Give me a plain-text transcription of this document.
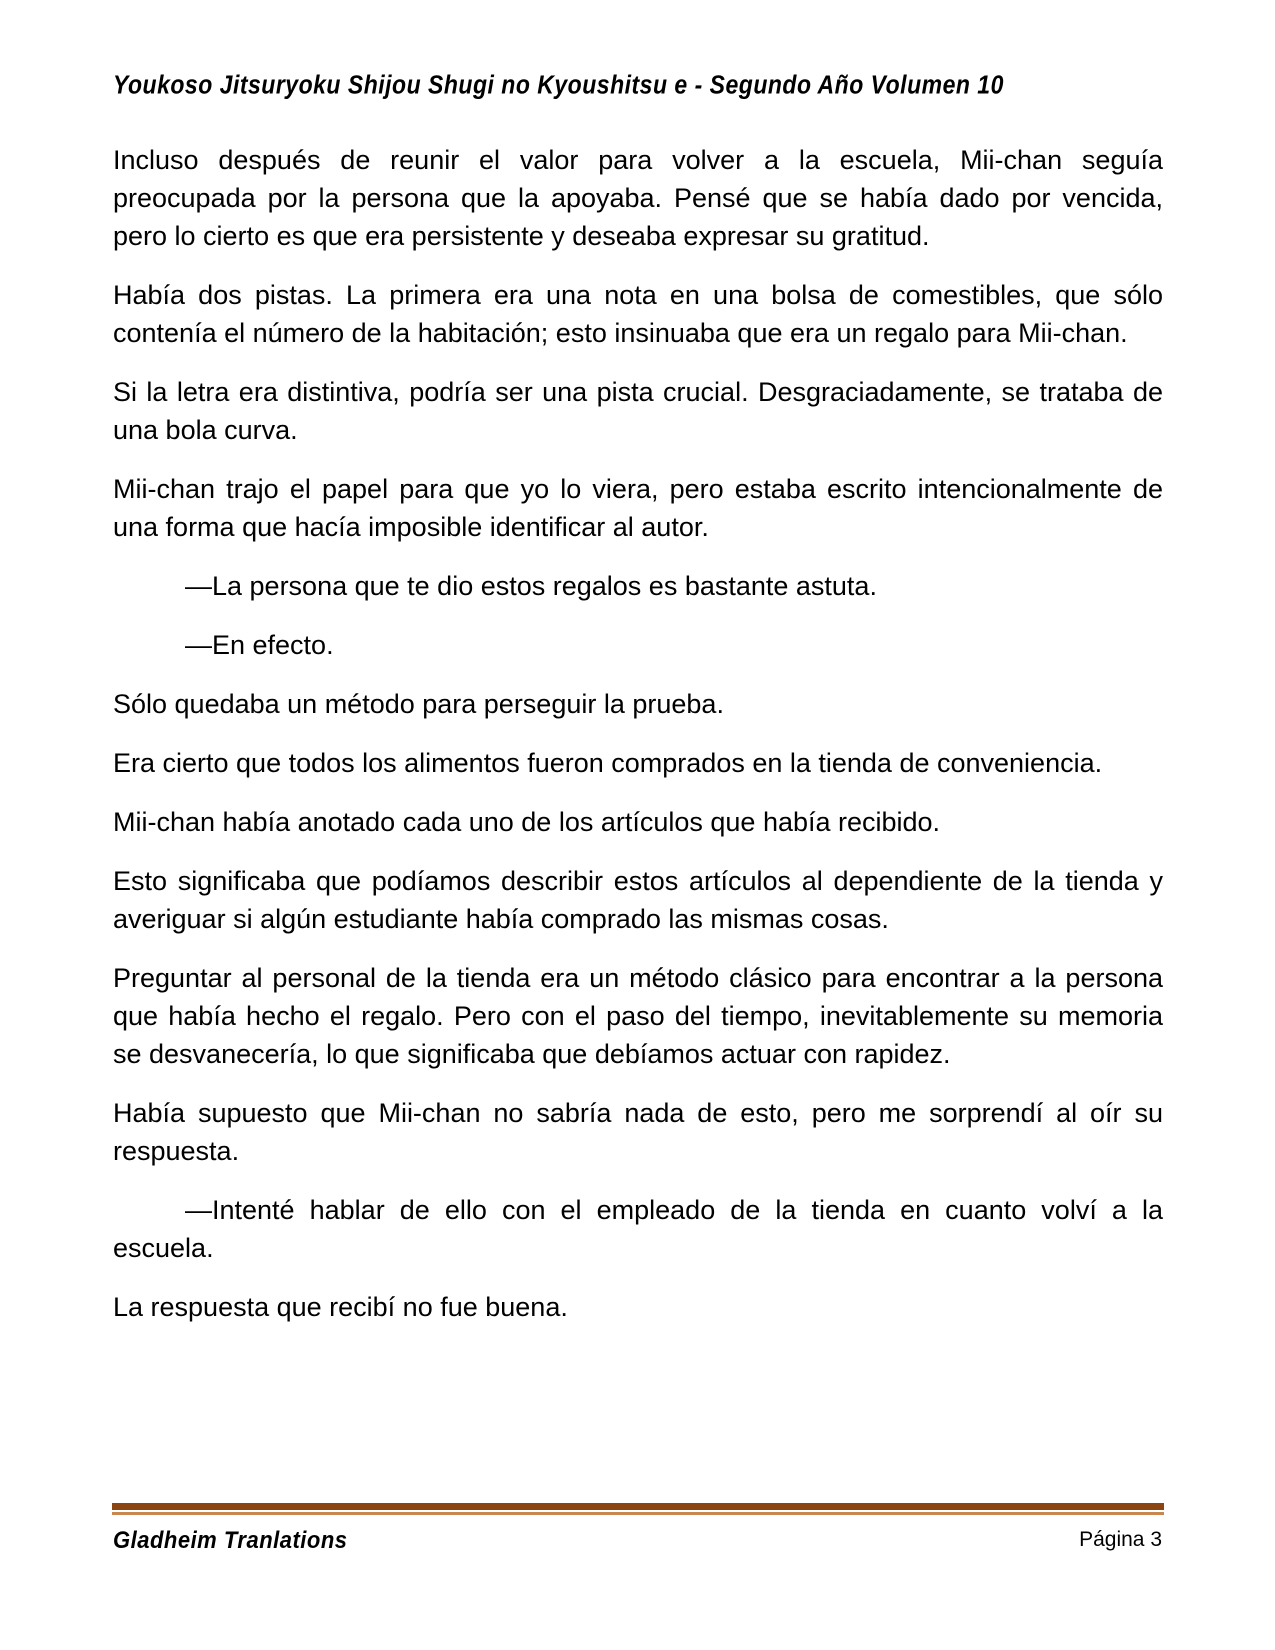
Youkoso Jitsuryoku Shijou Shugi no Kyoushitsu e - Segundo Año Volumen 10

Incluso después de reunir el valor para volver a la escuela, Mii-chan seguía preocupada por la persona que la apoyaba. Pensé que se había dado por vencida, pero lo cierto es que era persistente y deseaba expresar su gratitud.

Había dos pistas. La primera era una nota en una bolsa de comestibles, que sólo contenía el número de la habitación; esto insinuaba que era un regalo para Mii-chan.

Si la letra era distintiva, podría ser una pista crucial. Desgraciadamente, se trataba de una bola curva.

Mii-chan trajo el papel para que yo lo viera, pero estaba escrito intencionalmente de una forma que hacía imposible identificar al autor.

—La persona que te dio estos regalos es bastante astuta.

—En efecto.

Sólo quedaba un método para perseguir la prueba.

Era cierto que todos los alimentos fueron comprados en la tienda de conveniencia.

Mii-chan había anotado cada uno de los artículos que había recibido.

Esto significaba que podíamos describir estos artículos al dependiente de la tienda y averiguar si algún estudiante había comprado las mismas cosas.

Preguntar al personal de la tienda era un método clásico para encontrar a la persona que había hecho el regalo. Pero con el paso del tiempo, inevitablemente su memoria se desvanecería, lo que significaba que debíamos actuar con rapidez.

Había supuesto que Mii-chan no sabría nada de esto, pero me sorprendí al oír su respuesta.

—Intenté hablar de ello con el empleado de la tienda en cuanto volví a la escuela.

La respuesta que recibí no fue buena.

Gladheim Tranlations	Página 3
